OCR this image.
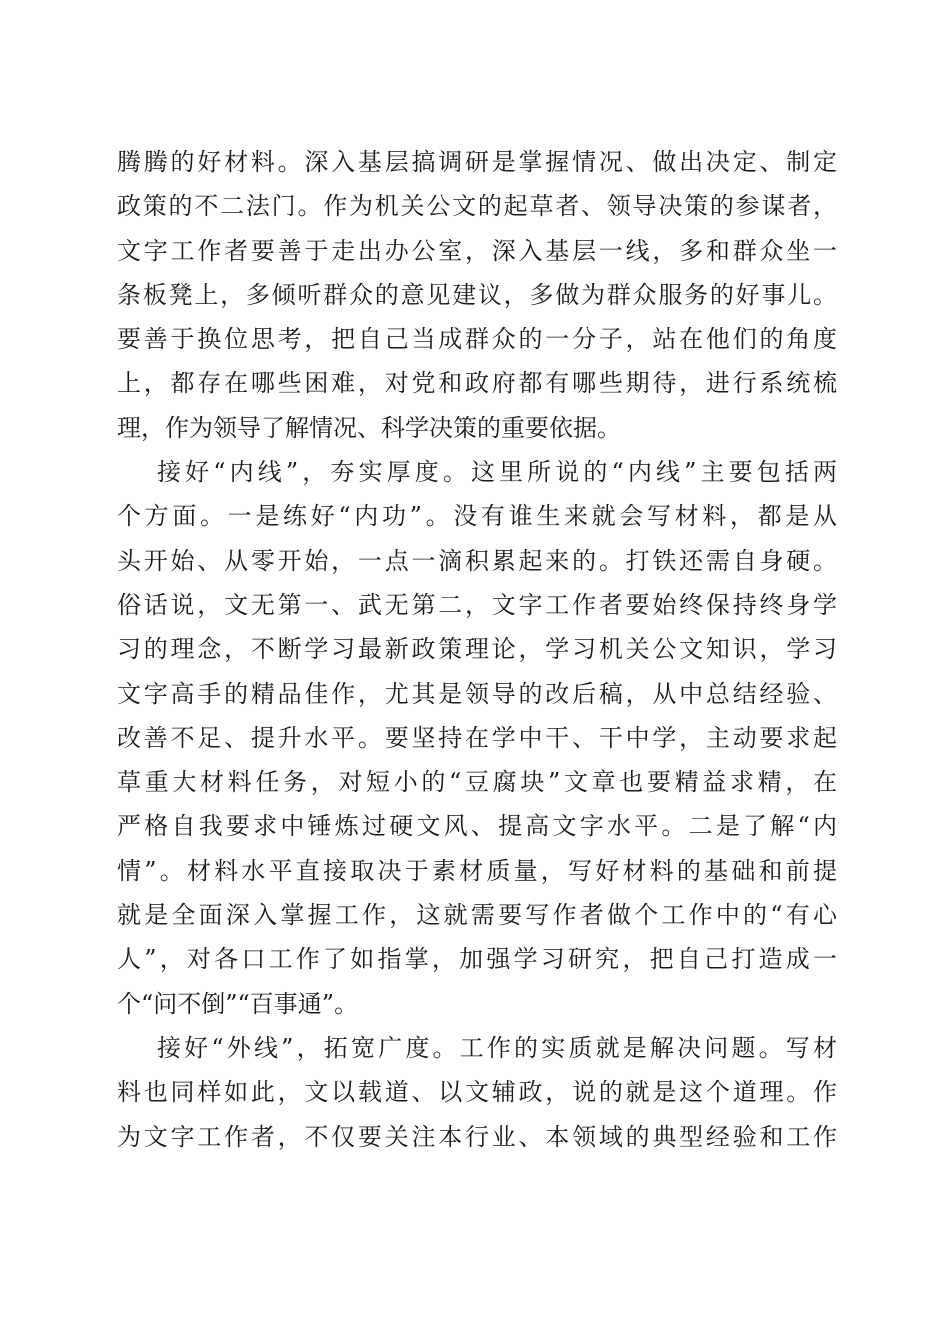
腾腾的好材料。深入基层搞调研是掌握情况、做出决定、制定
政策的不二法门。作为机关公文的起草者、领导决策的参谋者，
文字工作者要善于走出办公室，深入基层一线，多和群众坐一
条板凳上，多倾听群众的意见建议，多做为群众服务的好事儿。
要善于换位思考，把自己当成群众的一分子，站在他们的角度
上，都存在哪些困难，对党和政府都有哪些期待，进行系统梳
理，作为领导了解情况、科学决策的重要依据。
接好“内线”，夯实厚度。这里所说的“内线”主要包括两
个方面。一是练好“内功”。没有谁生来就会写材料，都是从
头开始、从零开始，一点一滴积累起来的。打铁还需自身硬。
俗话说，文无第一、武无第二，文字工作者要始终保持终身学
习的理念，不断学习最新政策理论，学习机关公文知识，学习
文字高手的精品佳作，尤其是领导的改后稿，从中总结经验、
改善不足、提升水平。要坚持在学中干、干中学，主动要求起
草重大材料任务，对短小的“豆腐块”文章也要精益求精，在
严格自我要求中锤炼过硬文风、提高文字水平。二是了解“内
情”。材料水平直接取决于素材质量，写好材料的基础和前提
就是全面深入掌握工作，这就需要写作者做个工作中的“有心
人”，对各口工作了如指掌，加强学习研究，把自己打造成一
个“问不倒”“百事通”。
接好“外线”，拓宽广度。工作的实质就是解决问题。写材
料也同样如此，文以载道、以文辅政，说的就是这个道理。作
为文字工作者，不仅要关注本行业、本领域的典型经验和工作
